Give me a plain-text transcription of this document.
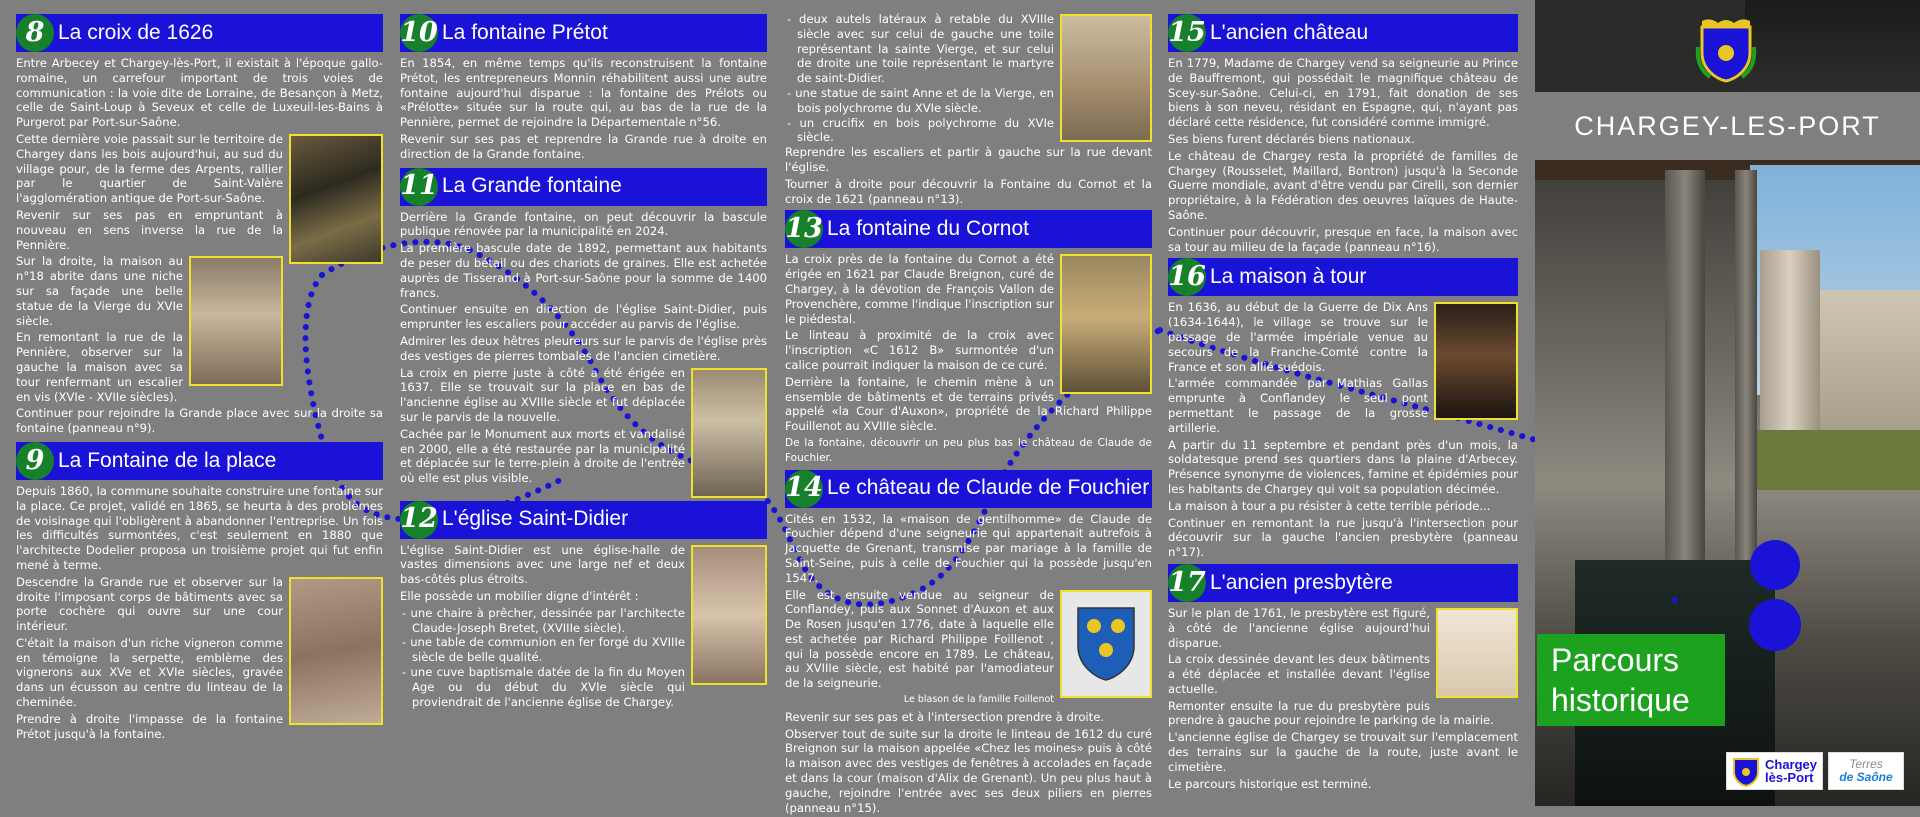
8 La croix de 1626

Entre Arbecey et Chargey-lès-Port, il existait à l'époque gallo-romaine, un carrefour important de trois voies de communication : la voie dite de Lorraine, de Besançon à Metz, celle de Saint-Loup à Seveux et celle de Luxeuil-les-Bains à Purgerot par Port-sur-Saône.

Cette dernière voie passait sur le territoire de Chargey dans les bois aujourd'hui, au sud du village pour, de la ferme des Arpents, rallier par le quartier de Saint-Valère l'agglomération antique de Port-sur-Saône.

Revenir sur ses pas en empruntant à nouveau en sens inverse la rue de la Pennière.

Sur la droite, la maison au n°18 abrite dans une niche sur sa façade une belle statue de la Vierge du XVIe siècle.

En remontant la rue de la Pennière, observer sur la gauche la maison avec sa tour renfermant un escalier en vis (XVIe - XVIIe siècles).

Continuer pour rejoindre la Grande place avec sur la droite sa fontaine (panneau n°9).

9 La Fontaine de la place

Depuis 1860, la commune souhaite construire une fontaine sur la place. Ce projet, validé en 1865, se heurta à des problèmes de voisinage qui l'obligèrent à abandonner l'entreprise. Un fois les difficultés surmontées, c'est seulement en 1880 que l'architecte Dodelier proposa un troisième projet qui fut enfin mené à terme.

Descendre la Grande rue et observer sur la droite l'imposant corps de bâtiments avec sa porte cochère qui ouvre sur une cour intérieur.

C'était la maison d'un riche vigneron comme en témoigne la serpette, emblème des vignerons aux XVe et XVIe siècles, gravée dans un écusson au centre du linteau de la cheminée.

Prendre à droite l'impasse de la fontaine Prétot jusqu'à la fontaine.

10 La fontaine Prétot

En 1854, en même temps qu'ils reconstruisent la fontaine Prétot, les entrepreneurs Monnin réhabilitent aussi une autre fontaine aujourd'hui disparue : la fontaine des Prélots ou «Prélotte» située sur la route qui, au bas de la rue de la Pennière, permet de rejoindre la Départementale n°56.

Revenir sur ses pas et reprendre la Grande rue à droite en direction de la Grande fontaine.

11 La Grande fontaine

Derrière la Grande fontaine, on peut découvrir la bascule publique rénovée par la municipalité en 2024.

La première bascule date de 1892, permettant aux habitants de peser du bétail ou des chariots de graines. Elle est achetée auprès de Tisserand à Port-sur-Saône pour la somme de 1400 francs.

Continuer ensuite en direction de l'église Saint-Didier, puis emprunter les escaliers pour accéder au parvis de l'église.

Admirer les deux hêtres pleureurs sur le parvis de l'église près des vestiges de pierres tombales de l'ancien cimetière.

La croix en pierre juste à côté a été érigée en 1637. Elle se trouvait sur la place en bas de l'ancienne église au XVIIIe siècle et fut déplacée sur le parvis de la nouvelle.

Cachée par le Monument aux morts et vandalisé en 2000, elle a été restaurée par la municipalité et déplacée sur le terre-plein à droite de l'entrée où elle est plus visible.

12 L'église Saint-Didier

L'église Saint-Didier est une église-halle de vastes dimensions avec une large nef et deux bas-côtés plus étroits.

Elle possède un mobilier digne d'intérêt :

- une chaire à prêcher, dessinée par l'architecte Claude-Joseph Bretet, (XVIIIe siècle).
- une table de communion en fer forgé du XVIIIe siècle de belle qualité.
- une cuve baptismale datée de la fin du Moyen Age ou du début du XVIe siècle qui proviendrait de l'ancienne église de Chargey.
- deux autels latéraux à retable du XVIIIe siècle avec sur celui de gauche une toile représentant la sainte Vierge, et sur celui de droite une toile représentant le martyre de saint-Didier.
- une statue de saint Anne et de la Vierge, en bois polychrome du XVIe siècle.
- un crucifix en bois polychrome du XVIe siècle.

Reprendre les escaliers et partir à gauche sur la rue devant l'église.

Tourner à droite pour découvrir la Fontaine du Cornot et la croix de 1621 (panneau n°13).

13 La fontaine du Cornot

La croix près de la fontaine du Cornot a été érigée en 1621 par Claude Breignon, curé de Chargey, à la dévotion de François Vallon de Provenchère, comme l'indique l'inscription sur le piédestal.

Le linteau à proximité de la croix avec l'inscription «C 1612 B» surmontée d'un calice pourrait indiquer la maison de ce curé.

Derrière la fontaine, le chemin mène à un ensemble de bâtiments et de terrains privés appelé «la Cour d'Auxon», propriété de la Richard Philippe Fouillenot au XVIIIe siècle.

De la fontaine, découvrir un peu plus bas le château de Claude de Fouchier.

14 Le château de Claude de Fouchier

Cités en 1532, la «maison de gentilhomme» de Claude de Fouchier dépend d'une seigneurie qui appartenait autrefois à Jacquette de Grenant, transmise par mariage à la famille de Saint-Seine, puis à celle de Fouchier qui la possède jusqu'en 1547.

Elle est ensuite vendue au seigneur de Conflandey, puis aux Sonnet d'Auxon et aux De Rosen jusqu'en 1776, date à laquelle elle est achetée par Richard Philippe Foillenot , qui la possède encore en 1789. Le château, au XVIIIe siècle, est habité par l'amodiateur de la seigneurie.

Le blason de la famille Foillenot

Revenir sur ses pas et à l'intersection prendre à droite.

Observer tout de suite sur la droite le linteau de 1612 du curé Breignon sur la maison appelée «Chez les moines» puis à côté la maison avec des vestiges de fenêtres à accolades en façade et dans la cour (maison d'Alix de Grenant). Un peu plus haut à gauche, rejoindre l'entrée avec ses deux piliers en pierres (panneau n°15).

15 L'ancien château

En 1779, Madame de Chargey vend sa seigneurie au Prince de Bauffremont, qui possédait le magnifique château de Scey-sur-Saône. Celui-ci, en 1791, fait donation de ses biens à son neveu, résidant en Espagne, qui, n'ayant pas déclaré cette résidence, fut considéré comme immigré.

Ses biens furent déclarés biens nationaux.

Le château de Chargey resta la propriété de familles de Chargey (Rousselet, Maillard, Bontron) jusqu'à la Seconde Guerre mondiale, avant d'être vendu par Cirelli, son dernier propriétaire, à la Fédération des oeuvres laïques de Haute-Saône.

Continuer pour découvrir, presque en face, la maison avec sa tour au milieu de la façade (panneau n°16).

16 La maison à tour

En 1636, au début de la Guerre de Dix Ans (1634-1644), le village se trouve sur le passage de l'armée impériale venue au secours de la Franche-Comté contre la France et son allié suédois.

L'armée commandée par Mathias Gallas emprunte à Conflandey le seul pont permettant le passage de la grosse artillerie.

A partir du 11 septembre et pendant près d'un mois, la soldatesque prend ses quartiers dans la plaine d'Arbecey. Présence synonyme de violences, famine et épidémies pour les habitants de Chargey qui voit sa population décimée.

La maison à tour a pu résister à cette terrible période...

Continuer en remontant la rue jusqu'à l'intersection pour découvrir sur la gauche l'ancien presbytère (panneau n°17).

17 L'ancien presbytère

Sur le plan de 1761, le presbytère est figuré, à côté de l'ancienne église aujourd'hui disparue.

La croix dessinée devant les deux bâtiments a été déplacée et installée devant l'église actuelle.

Remonter ensuite la rue du presbytère puis prendre à gauche pour rejoindre le parking de la mairie.

L'ancienne église de Chargey se trouvait sur l'emplacement des terrains sur la gauche de la route, juste avant le cimetière.

Le parcours historique est terminé.

CHARGEY-LES-PORT
Parcours
historique
Chargey
lès-Port
Terres
de Saône
